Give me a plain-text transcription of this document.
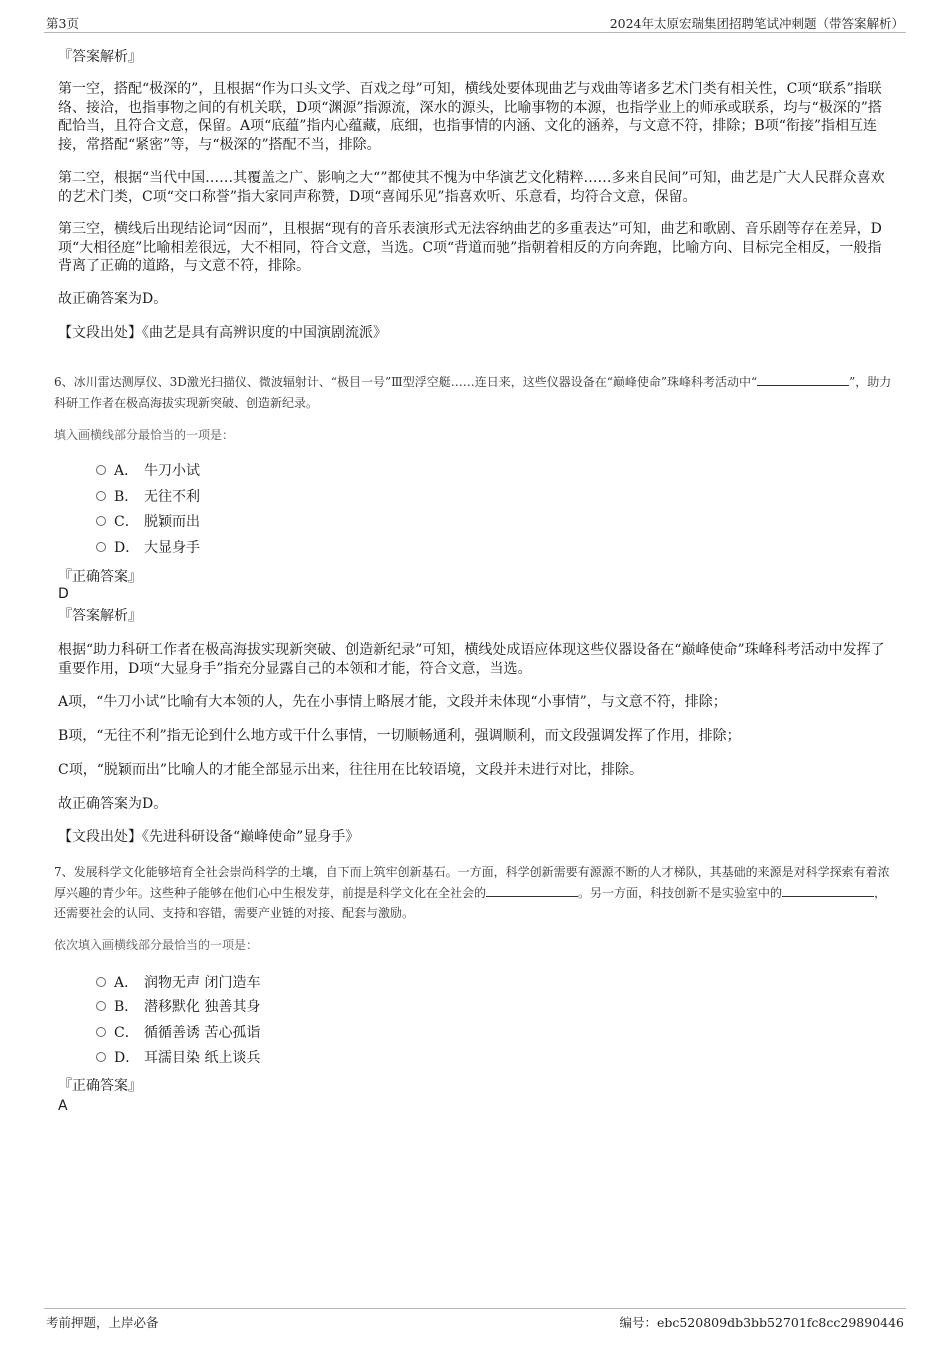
第3页	2024年太原宏瑞集团招聘笔试冲刺题（带答案解析）
『答案解析』
第一空，搭配“极深的”，且根据“作为口头文学、百戏之母”可知，横线处要体现曲艺与戏曲等诸多艺术门类有相关性，C项“联系”指联络、接洽，也指事物之间的有机关联，D项“渊源”指源流，深水的源头，比喻事物的本源，也指学业上的师承或联系，均与“极深的”搭配恰当，且符合文意，保留。A项“底蕴”指内心蕴藏，底细，也指事情的内涵、文化的涵养，与文意不符，排除；B项“衔接”指相互连接，常搭配“紧密”等，与“极深的”搭配不当，排除。
第二空，根据“当代中国……其覆盖之广、影响之大“”都使其不愧为中华演艺文化精粹……多来自民间”可知，曲艺是广大人民群众喜欢的艺术门类，C项“交口称誉”指大家同声称赞，D项“喜闻乐见”指喜欢听、乐意看，均符合文意，保留。
第三空，横线后出现结论词“因而”，且根据“现有的音乐表演形式无法容纳曲艺的多重表达”可知，曲艺和歌剧、音乐剧等存在差异，D项“大相径庭”比喻相差很远，大不相同，符合文意，当选。C项“背道而驰”指朝着相反的方向奔跑，比喻方向、目标完全相反，一般指背离了正确的道路，与文意不符，排除。
故正确答案为D。
【文段出处】《曲艺是具有高辨识度的中国演剧流派》
6、冰川雷达测厚仪、3D激光扫描仪、微波辐射计、“极目一号”Ⅲ型浮空艇……连日来，这些仪器设备在“巅峰使命”珠峰科考活动中“	”，助力科研工作者在极高海拔实现新突破、创造新纪录。
填入画横线部分最恰当的一项是：
A． 牛刀小试
B． 无往不利
C． 脱颖而出
D． 大显身手
『正确答案』
D
『答案解析』
根据“助力科研工作者在极高海拔实现新突破、创造新纪录”可知，横线处成语应体现这些仪器设备在“巅峰使命”珠峰科考活动中发挥了重要作用，D项“大显身手”指充分显露自己的本领和才能，符合文意，当选。
A项，“牛刀小试”比喻有大本领的人，先在小事情上略展才能，文段并未体现“小事情”，与文意不符，排除；
B项，“无往不利”指无论到什么地方或干什么事情，一切顺畅通利，强调顺利，而文段强调发挥了作用，排除；
C项，“脱颖而出”比喻人的才能全部显示出来，往往用在比较语境，文段并未进行对比，排除。
故正确答案为D。
【文段出处】《先进科研设备“巅峰使命”显身手》
7、发展科学文化能够培育全社会崇尚科学的土壤，自下而上筑牢创新基石。一方面，科学创新需要有源源不断的人才梯队，其基础的来源是对科学探索有着浓厚兴趣的青少年。这些种子能够在他们心中生根发芽，前提是科学文化在全社会的	。另一方面，科技创新不是实验室中的	，还需要社会的认同、支持和容错，需要产业链的对接、配套与激励。
依次填入画横线部分最恰当的一项是：
A． 润物无声 闭门造车
B． 潜移默化 独善其身
C． 循循善诱 苦心孤诣
D． 耳濡目染 纸上谈兵
『正确答案』
A
考前押题，上岸必备	编号：ebc520809db3bb52701fc8cc29890446
